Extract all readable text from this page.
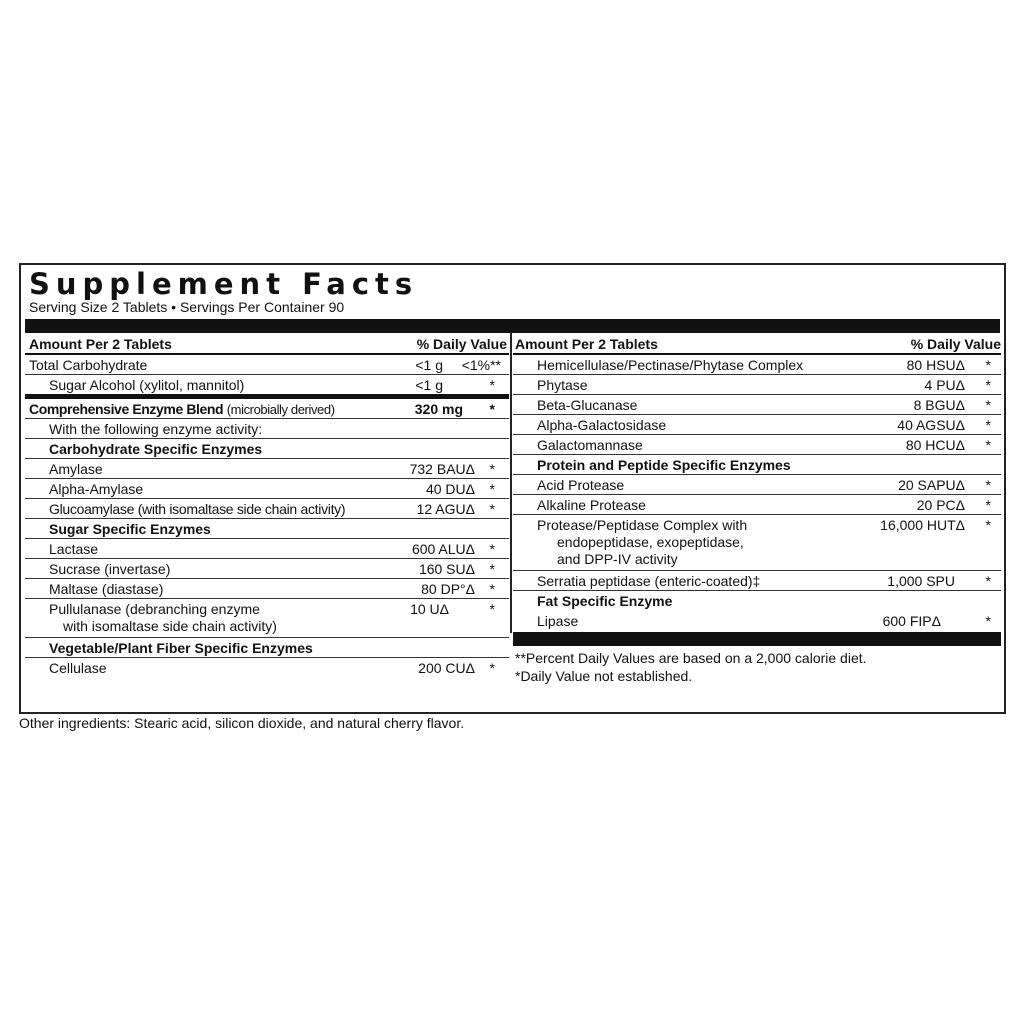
Supplement Facts
Serving Size 2 Tablets • Servings Per Container 90
Amount Per 2 Tablets	% Daily Value
Total Carbohydrate	<1 g <1%**
Sugar Alcohol (xylitol, mannitol)	<1 g	*
Comprehensive Enzyme Blend (microbially derived)	320 mg *
With the following enzyme activity:
Carbohydrate Specific Enzymes
Amylase	732 BAUΔ *
Alpha-Amylase	40 DUΔ *
Glucoamylase (with isomaltase side chain activity)	12 AGUΔ *
Sugar Specific Enzymes
Lactase	600 ALUΔ *
Sucrase (invertase)	160 SUΔ *
Maltase (diastase)	80 DP°Δ *
Pullulanase (debranching enzyme
with isomaltase side chain activity)
10 UΔ	*
Vegetable/Plant Fiber Specific Enzymes
Cellulase	200 CUΔ *
Amount Per 2 Tablets	% Daily Value
Hemicellulase/Pectinase/Phytase Complex	80 HSUΔ *
Phytase	4 PUΔ *
Beta-Glucanase	8 BGUΔ *
Alpha-Galactosidase	40 AGSUΔ *
Galactomannase	80 HCUΔ *
Protein and Peptide Specific Enzymes
Acid Protease	20 SAPUΔ *
Alkaline Protease	20 PCΔ *
Protease/Peptidase Complex with
endopeptidase, exopeptidase,
and DPP-IV activity
16,000 HUTΔ *
Serratia peptidase (enteric-coated)‡	1,000 SPU *
Fat Specific Enzyme
Lipase	600 FIPΔ	*
**Percent Daily Values are based on a 2,000 calorie diet.
*Daily Value not established.
Other ingredients: Stearic acid, silicon dioxide, and natural cherry flavor.
